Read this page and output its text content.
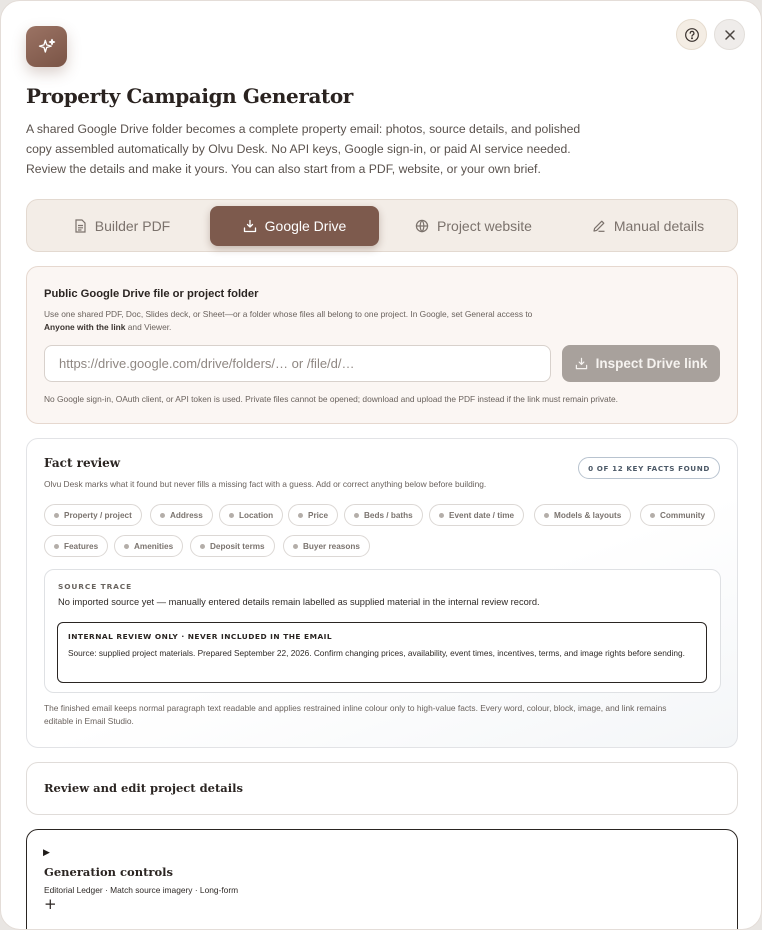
Property Campaign Generator

A shared Google Drive folder becomes a complete property email: photos, source details, and polished
copy assembled automatically by Olvu Desk. No API keys, Google sign-in, or paid AI service needed.
Review the details and make it yours. You can also start from a PDF, website, or your own brief.

Builder PDF	Google Drive	Project website	Manual details
Public Google Drive file or project folder
Use one shared PDF, Doc, Slides deck, or Sheet—or a folder whose files all belong to one project. In Google, set General access to
Anyone with the link and Viewer.
https://drive.google.com/drive/folders/… or /file/d/…
Inspect Drive link
No Google sign-in, OAuth client, or API token is used. Private files cannot be opened; download and upload the PDF instead if the link must remain private.
Fact review
Olvu Desk marks what it found but never fills a missing fact with a guess. Add or correct anything below before building.
0 OF 12 KEY FACTS FOUND
Property / project	Address	Location	Price	Beds / baths	Event date / time	Models & layouts	Community
Features	Amenities	Deposit terms	Buyer reasons
SOURCE TRACE
No imported source yet — manually entered details remain labelled as supplied material in the internal review record.
INTERNAL REVIEW ONLY · NEVER INCLUDED IN THE EMAIL
Source: supplied project materials. Prepared September 22, 2026. Confirm changing prices, availability, event times, incentives, terms, and image rights before sending.
The finished email keeps normal paragraph text readable and applies restrained inline colour only to high-value facts. Every word, colour, block, image, and link remains
editable in Email Studio.
Review and edit project details
▶
Generation controls
Editorial Ledger · Match source imagery · Long-form
+
